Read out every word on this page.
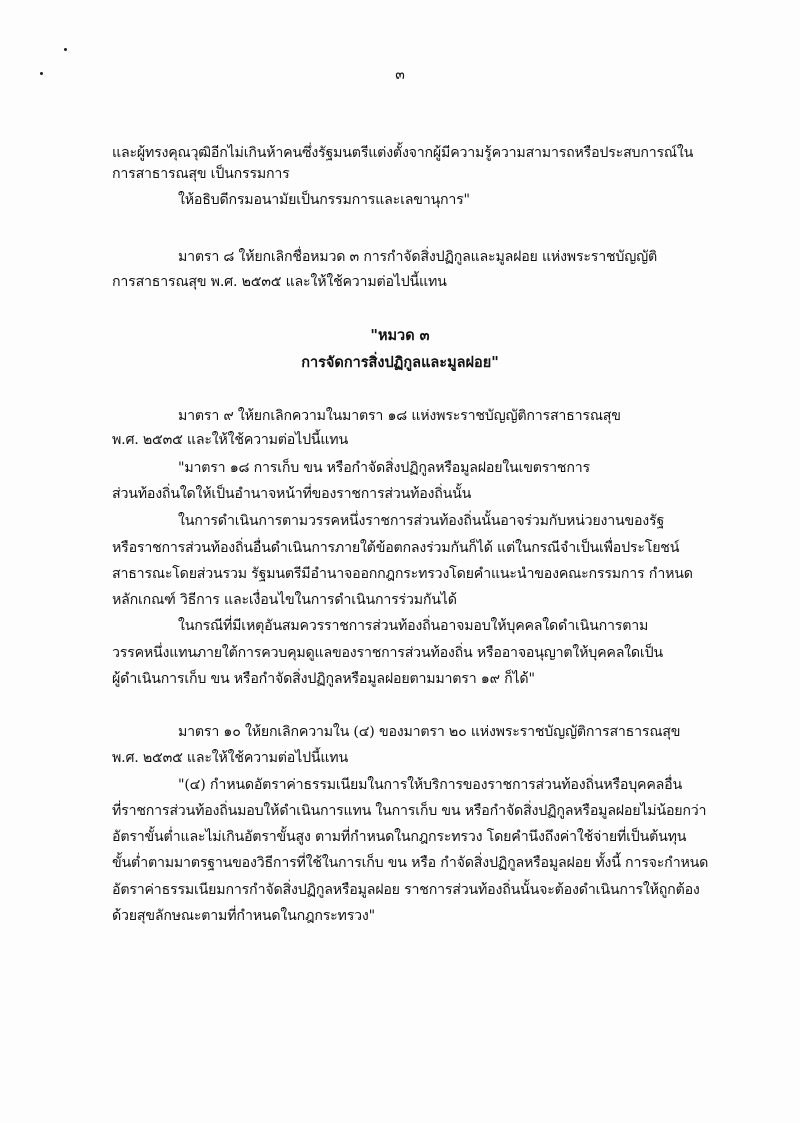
๓
และผู้ทรงคุณวุฒิอีกไม่เกินห้าคนซึ่งรัฐมนตรีแต่งตั้งจากผู้มีความรู้ความสามารถหรือประสบการณ์ใน
การสาธารณสุข เป็นกรรมการ
ให้อธิบดีกรมอนามัยเป็นกรรมการและเลขานุการ"
มาตรา ๘ ให้ยกเลิกชื่อหมวด ๓ การกำจัดสิ่งปฏิกูลและมูลฝอย แห่งพระราชบัญญัติ
การสาธารณสุข พ.ศ. ๒๕๓๕ และให้ใช้ความต่อไปนี้แทน
"หมวด ๓
การจัดการสิ่งปฏิกูลและมูลฝอย"
มาตรา ๙ ให้ยกเลิกความในมาตรา ๑๘ แห่งพระราชบัญญัติการสาธารณสุข
พ.ศ. ๒๕๓๕ และให้ใช้ความต่อไปนี้แทน
"มาตรา ๑๘ การเก็บ ขน หรือกำจัดสิ่งปฏิกูลหรือมูลฝอยในเขตราชการ
ส่วนท้องถิ่นใดให้เป็นอำนาจหน้าที่ของราชการส่วนท้องถิ่นนั้น
ในการดำเนินการตามวรรคหนึ่งราชการส่วนท้องถิ่นนั้นอาจร่วมกับหน่วยงานของรัฐ
หรือราชการส่วนท้องถิ่นอื่นดำเนินการภายใต้ข้อตกลงร่วมกันก็ได้ แต่ในกรณีจำเป็นเพื่อประโยชน์
สาธารณะโดยส่วนรวม รัฐมนตรีมีอำนาจออกกฎกระทรวงโดยคำแนะนำของคณะกรรมการ กำหนด
หลักเกณฑ์ วิธีการ และเงื่อนไขในการดำเนินการร่วมกันได้
ในกรณีที่มีเหตุอันสมควรราชการส่วนท้องถิ่นอาจมอบให้บุคคลใดดำเนินการตาม
วรรคหนึ่งแทนภายใต้การควบคุมดูแลของราชการส่วนท้องถิ่น หรืออาจอนุญาตให้บุคคลใดเป็น
ผู้ดำเนินการเก็บ ขน หรือกำจัดสิ่งปฏิกูลหรือมูลฝอยตามมาตรา ๑๙ ก็ได้"
มาตรา ๑๐ ให้ยกเลิกความใน (๔) ของมาตรา ๒๐ แห่งพระราชบัญญัติการสาธารณสุข
พ.ศ. ๒๕๓๕ และให้ใช้ความต่อไปนี้แทน
"(๔) กำหนดอัตราค่าธรรมเนียมในการให้บริการของราชการส่วนท้องถิ่นหรือบุคคลอื่น
ที่ราชการส่วนท้องถิ่นมอบให้ดำเนินการแทน ในการเก็บ ขน หรือกำจัดสิ่งปฏิกูลหรือมูลฝอยไม่น้อยกว่า
อัตราขั้นต่ำและไม่เกินอัตราขั้นสูง ตามที่กำหนดในกฎกระทรวง โดยคำนึงถึงค่าใช้จ่ายที่เป็นต้นทุน
ขั้นต่ำตามมาตรฐานของวิธีการที่ใช้ในการเก็บ ขน หรือ กำจัดสิ่งปฏิกูลหรือมูลฝอย ทั้งนี้ การจะกำหนด
อัตราค่าธรรมเนียมการกำจัดสิ่งปฏิกูลหรือมูลฝอย ราชการส่วนท้องถิ่นนั้นจะต้องดำเนินการให้ถูกต้อง
ด้วยสุขลักษณะตามที่กำหนดในกฎกระทรวง"
